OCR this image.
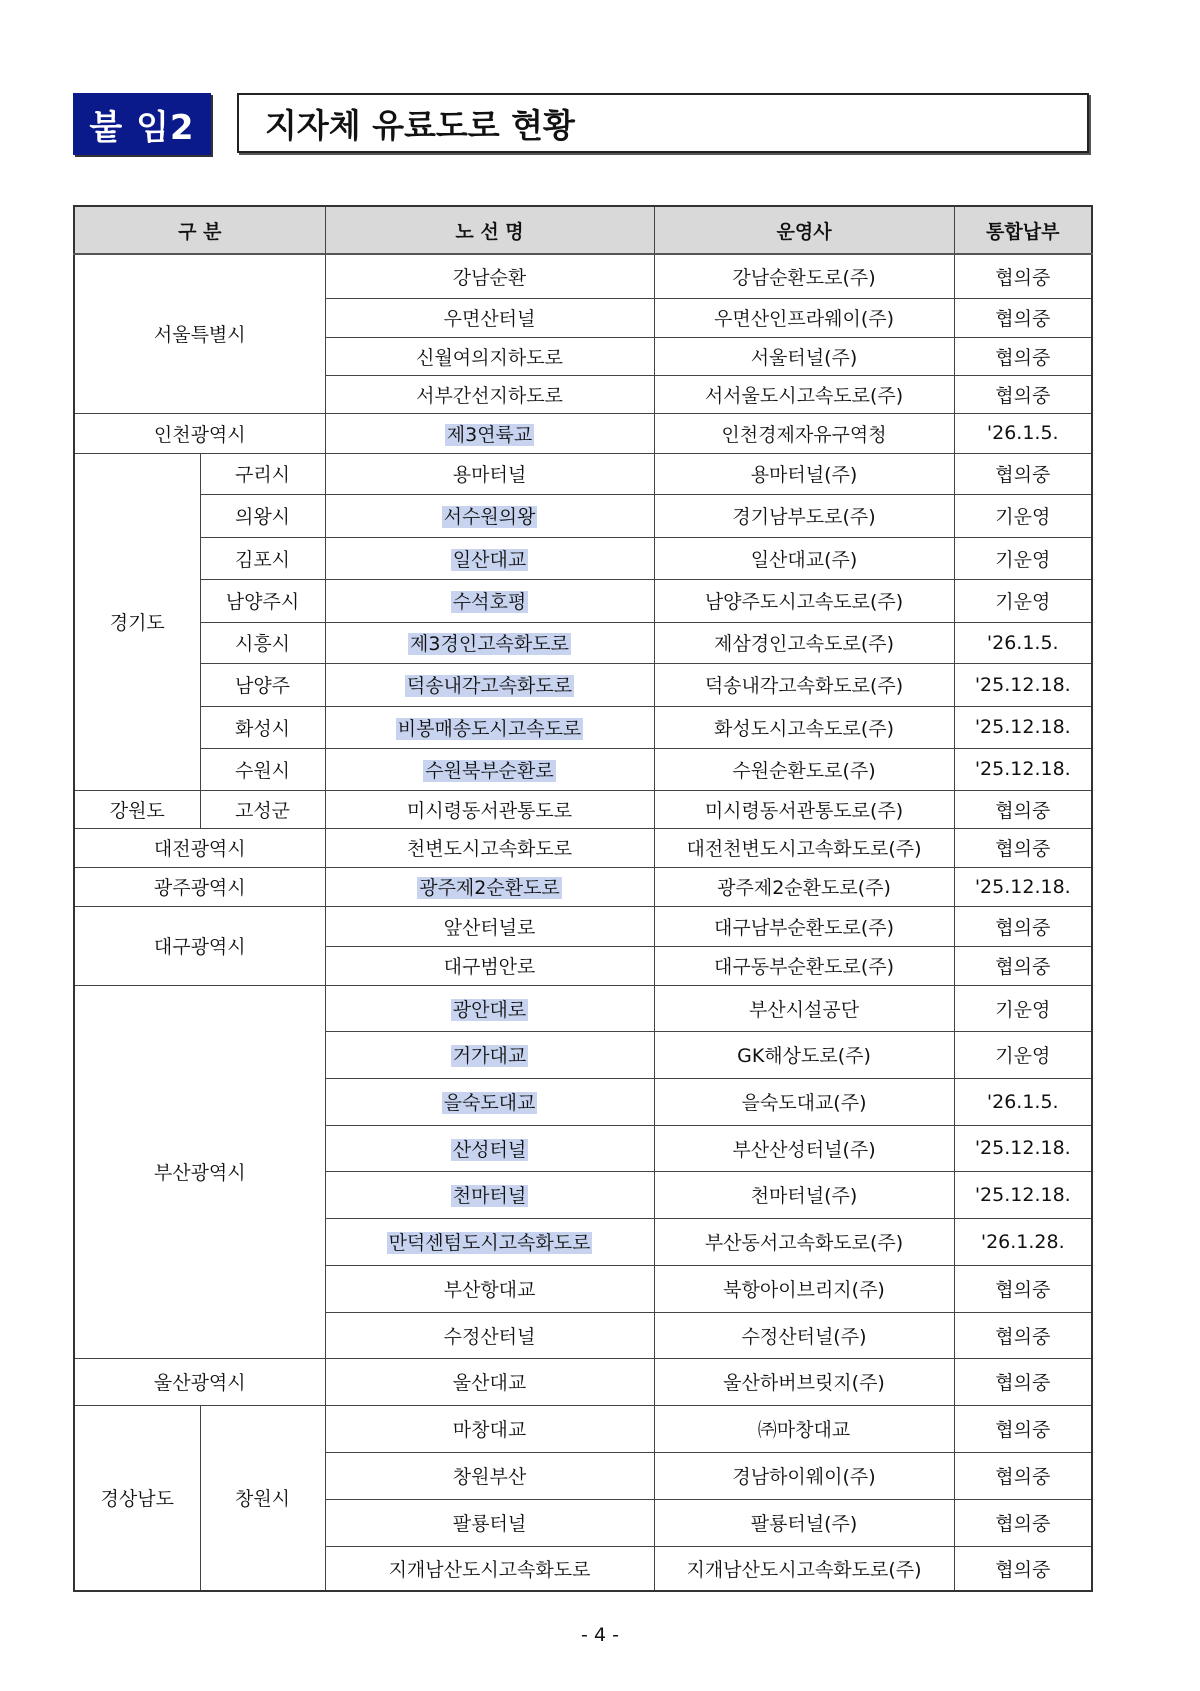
붙 임2	지자체 유료도로 현황
구 분		노 선 명	운영사	통합납부
서울특별시		강남순환	강남순환도로(주)	협의중
		우면산터널	우면산인프라웨이(주)	협의중
		신월여의지하도로	서울터널(주)	협의중
		서부간선지하도로	서서울도시고속도로(주)	협의중
인천광역시		제3연륙교	인천경제자유구역청	'26.1.5.
경기도	구리시	용마터널	용마터널(주)	협의중
	의왕시	서수원의왕	경기남부도로(주)	기운영
	김포시	일산대교	일산대교(주)	기운영
	남양주시	수석호평	남양주도시고속도로(주)	기운영
	시흥시	제3경인고속화도로	제삼경인고속도로(주)	'26.1.5.
	남양주	덕송내각고속화도로	덕송내각고속화도로(주)	'25.12.18.
	화성시	비봉매송도시고속도로	화성도시고속도로(주)	'25.12.18.
	수원시	수원북부순환로	수원순환도로(주)	'25.12.18.
강원도	고성군	미시령동서관통도로	미시령동서관통도로(주)	협의중
대전광역시		천변도시고속화도로	대전천변도시고속화도로(주)	협의중
광주광역시		광주제2순환도로	광주제2순환도로(주)	'25.12.18.
대구광역시		앞산터널로	대구남부순환도로(주)	협의중
		대구범안로	대구동부순환도로(주)	협의중
부산광역시		광안대로	부산시설공단	기운영
		거가대교	GK해상도로(주)	기운영
		을숙도대교	을숙도대교(주)	'26.1.5.
		산성터널	부산산성터널(주)	'25.12.18.
		천마터널	천마터널(주)	'25.12.18.
		만덕센텀도시고속화도로	부산동서고속화도로(주)	'26.1.28.
		부산항대교	북항아이브리지(주)	협의중
		수정산터널	수정산터널(주)	협의중
울산광역시		울산대교	울산하버브릿지(주)	협의중
경상남도	창원시	마창대교	㈜마창대교	협의중
		창원부산	경남하이웨이(주)	협의중
		팔룡터널	팔룡터널(주)	협의중
		지개남산도시고속화도로	지개남산도시고속화도로(주)	협의중
- 4 -
